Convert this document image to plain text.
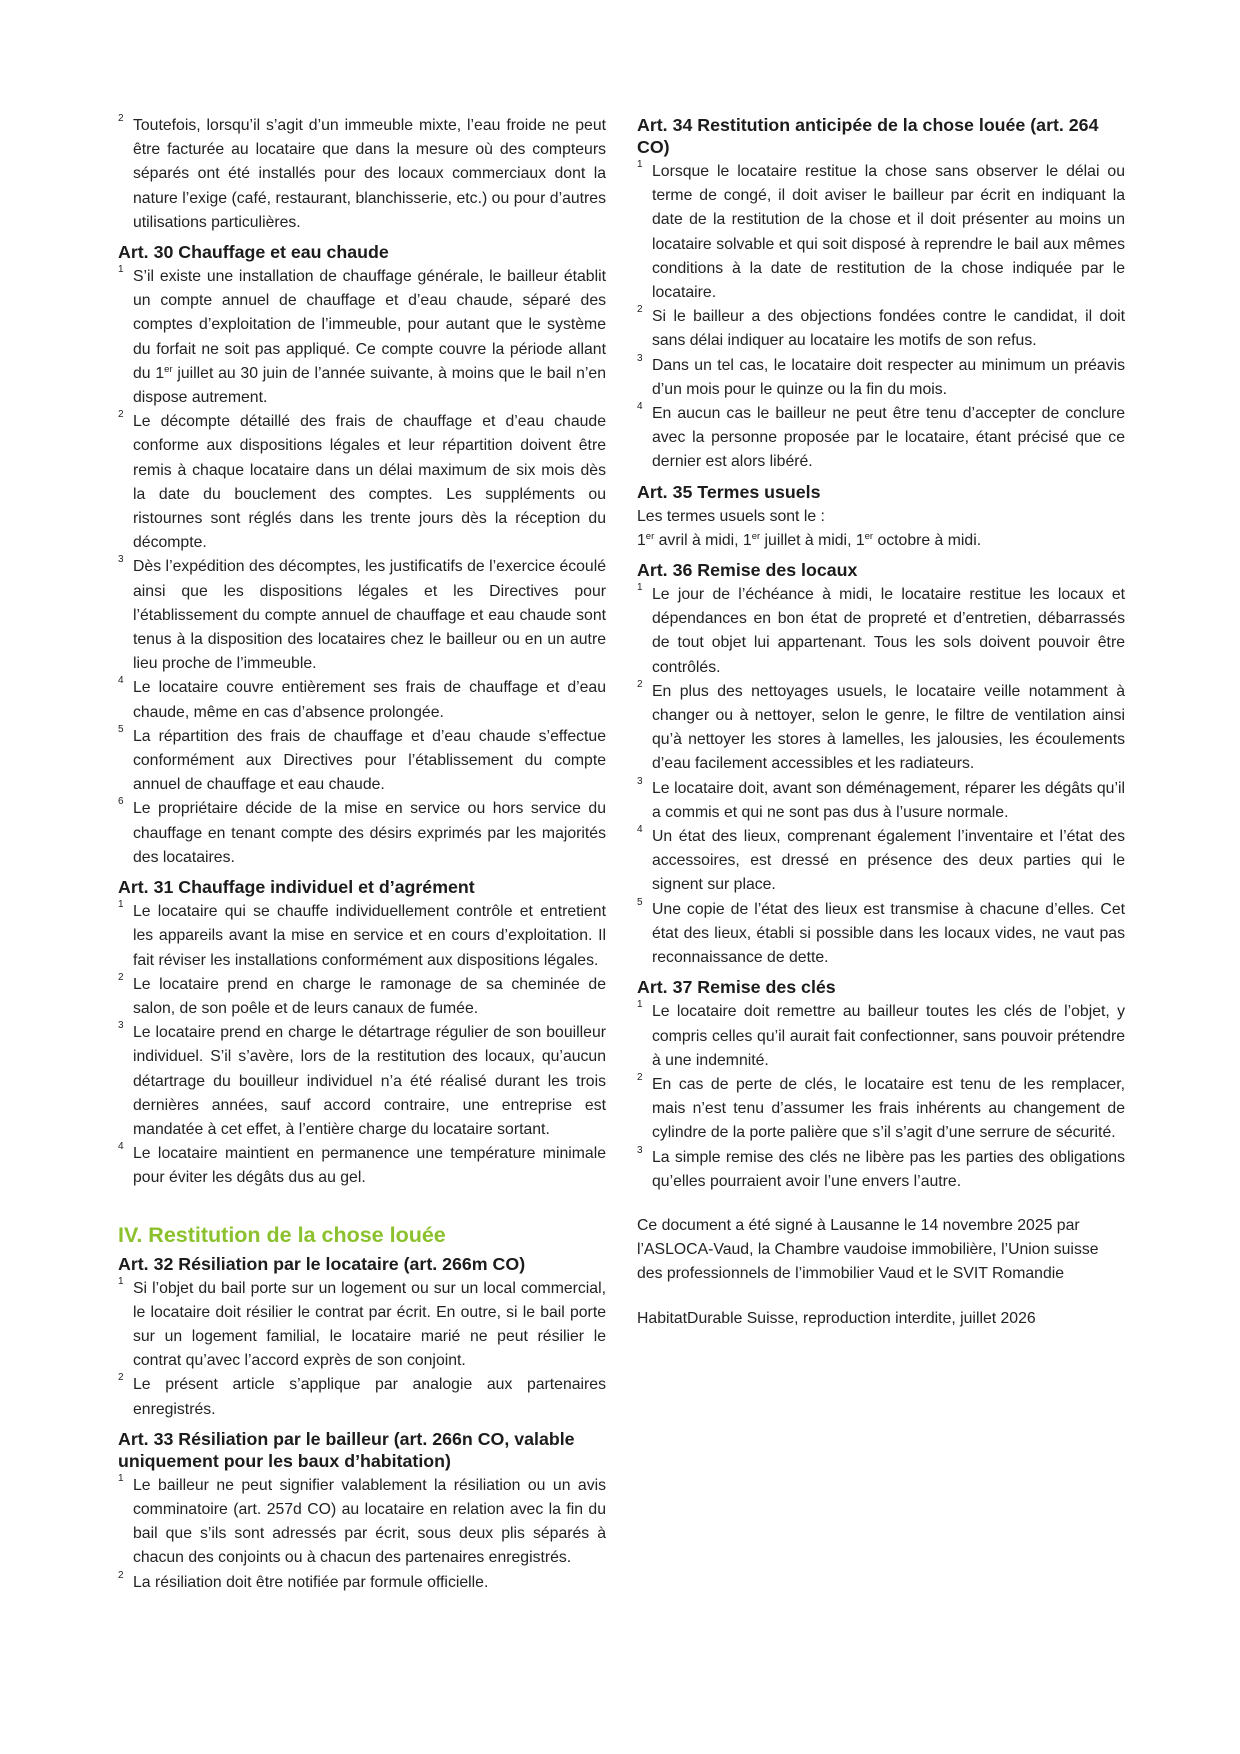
2 Toutefois, lorsqu’il s’agit d’un immeuble mixte, l’eau froide ne peut être facturée au locataire que dans la mesure où des compteurs séparés ont été installés pour des locaux commerciaux dont la nature l’exige (café, restaurant, blanchisserie, etc.) ou pour d’autres utilisations particulières.
Art. 30 Chauffage et eau chaude
1 S’il existe une installation de chauffage générale, le bailleur établit un compte annuel de chauffage et d’eau chaude, séparé des comptes d’exploitation de l’immeuble, pour autant que le système du forfait ne soit pas appliqué. Ce compte couvre la période allant du 1er juillet au 30 juin de l’année suivante, à moins que le bail n’en dispose autrement.
2 Le décompte détaillé des frais de chauffage et d’eau chaude conforme aux dispositions légales et leur répartition doivent être remis à chaque locataire dans un délai maximum de six mois dès la date du bouclement des comptes. Les suppléments ou ristournes sont réglés dans les trente jours dès la réception du décompte.
3 Dès l’expédition des décomptes, les justificatifs de l’exercice écoulé ainsi que les dispositions légales et les Directives pour l’établissement du compte annuel de chauffage et eau chaude sont tenus à la disposition des locataires chez le bailleur ou en un autre lieu proche de l’immeuble.
4 Le locataire couvre entièrement ses frais de chauffage et d’eau chaude, même en cas d’absence prolongée.
5 La répartition des frais de chauffage et d’eau chaude s’effectue conformément aux Directives pour l’établissement du compte annuel de chauffage et eau chaude.
6 Le propriétaire décide de la mise en service ou hors service du chauffage en tenant compte des désirs exprimés par les majorités des locataires.
Art. 31 Chauffage individuel et d’agrément
1 Le locataire qui se chauffe individuellement contrôle et entretient les appareils avant la mise en service et en cours d’exploitation. Il fait réviser les installations conformément aux dispositions légales.
2 Le locataire prend en charge le ramonage de sa cheminée de salon, de son poêle et de leurs canaux de fumée.
3 Le locataire prend en charge le détartrage régulier de son bouilleur individuel. S’il s’avère, lors de la restitution des locaux, qu’aucun détartrage du bouilleur individuel n’a été réalisé durant les trois dernières années, sauf accord contraire, une entreprise est mandatée à cet effet, à l’entière charge du locataire sortant.
4 Le locataire maintient en permanence une température minimale pour éviter les dégâts dus au gel.
IV. Restitution de la chose louée
Art. 32 Résiliation par le locataire (art. 266m CO)
1 Si l’objet du bail porte sur un logement ou sur un local commercial, le locataire doit résilier le contrat par écrit. En outre, si le bail porte sur un logement familial, le locataire marié ne peut résilier le contrat qu’avec l’accord exprès de son conjoint.
2 Le présent article s’applique par analogie aux partenaires enregistrés.
Art. 33 Résiliation par le bailleur (art. 266n CO, valable uniquement pour les baux d’habitation)
1 Le bailleur ne peut signifier valablement la résiliation ou un avis comminatoire (art. 257d CO) au locataire en relation avec la fin du bail que s’ils sont adressés par écrit, sous deux plis séparés à chacun des conjoints ou à chacun des partenaires enregistrés.
2 La résiliation doit être notifiée par formule officielle.
Art. 34 Restitution anticipée de la chose louée (art. 264 CO)
1 Lorsque le locataire restitue la chose sans observer le délai ou terme de congé, il doit aviser le bailleur par écrit en indiquant la date de la restitution de la chose et il doit présenter au moins un locataire solvable et qui soit disposé à reprendre le bail aux mêmes conditions à la date de restitution de la chose indiquée par le locataire.
2 Si le bailleur a des objections fondées contre le candidat, il doit sans délai indiquer au locataire les motifs de son refus.
3 Dans un tel cas, le locataire doit respecter au minimum un préavis d’un mois pour le quinze ou la fin du mois.
4 En aucun cas le bailleur ne peut être tenu d’accepter de conclure avec la personne proposée par le locataire, étant précisé que ce dernier est alors libéré.
Art. 35 Termes usuels
Les termes usuels sont le :
1er avril à midi, 1er juillet à midi, 1er octobre à midi.
Art. 36 Remise des locaux
1 Le jour de l’échéance à midi, le locataire restitue les locaux et dépendances en bon état de propreté et d’entretien, débarrassés de tout objet lui appartenant. Tous les sols doivent pouvoir être contrôlés.
2 En plus des nettoyages usuels, le locataire veille notamment à changer ou à nettoyer, selon le genre, le filtre de ventilation ainsi qu’à nettoyer les stores à lamelles, les jalousies, les écoulements d’eau facilement accessibles et les radiateurs.
3 Le locataire doit, avant son déménagement, réparer les dégâts qu’il a commis et qui ne sont pas dus à l’usure normale.
4 Un état des lieux, comprenant également l’inventaire et l’état des accessoires, est dressé en présence des deux parties qui le signent sur place.
5 Une copie de l’état des lieux est transmise à chacune d’elles. Cet état des lieux, établi si possible dans les locaux vides, ne vaut pas reconnaissance de dette.
Art. 37 Remise des clés
1 Le locataire doit remettre au bailleur toutes les clés de l’objet, y compris celles qu’il aurait fait confectionner, sans pouvoir prétendre à une indemnité.
2 En cas de perte de clés, le locataire est tenu de les remplacer, mais n’est tenu d’assumer les frais inhérents au changement de cylindre de la porte palière que s’il s’agit d’une serrure de sécurité.
3 La simple remise des clés ne libère pas les parties des obligations qu’elles pourraient avoir l’une envers l’autre.
Ce document a été signé à Lausanne le 14 novembre 2025 par l’ASLOCA-Vaud, la Chambre vaudoise immobilière, l’Union suisse des professionnels de l’immobilier Vaud et le SVIT Romandie
HabitatDurable Suisse, reproduction interdite, juillet 2026
